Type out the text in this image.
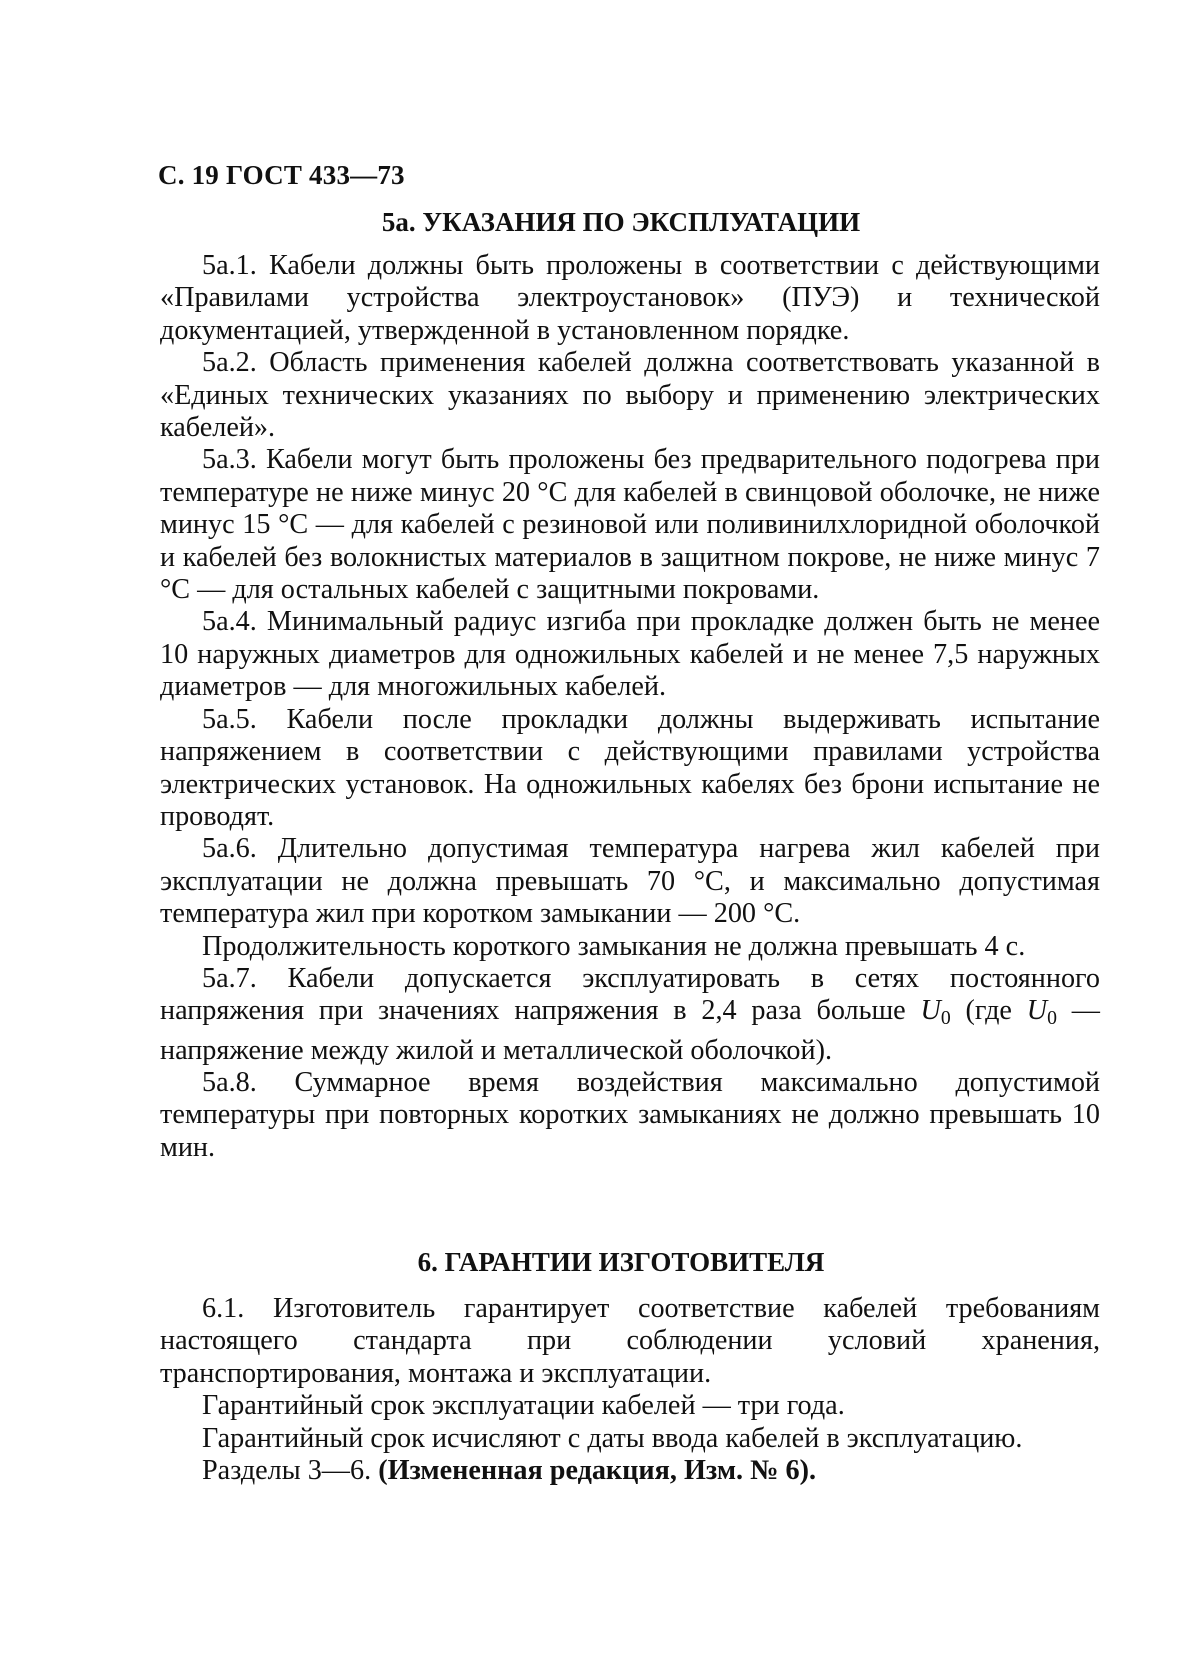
С. 19 ГОСТ 433—73
5а. УКАЗАНИЯ ПО ЭКСПЛУАТАЦИИ

5а.1. Кабели должны быть проложены в соответствии с действующими «Правилами устройства электроустановок» (ПУЭ) и технической документацией, утвержденной в установленном порядке.

5а.2. Область применения кабелей должна соответствовать указанной в «Единых технических указаниях по выбору и применению электрических кабелей».

5а.3. Кабели могут быть проложены без предварительного подогрева при температуре не ниже минус 20 °С для кабелей в свинцовой оболочке, не ниже минус 15 °С — для кабелей с резиновой или поливинилхлоридной оболочкой и кабелей без волокнистых материалов в защитном покрове, не ниже минус 7 °С — для остальных кабелей с защитными покровами.

5а.4. Минимальный радиус изгиба при прокладке должен быть не менее 10 наружных диаметров для одножильных кабелей и не менее 7,5 наружных диаметров — для многожильных кабелей.

5а.5. Кабели после прокладки должны выдерживать испытание напряжением в соответствии с действующими правилами устройства электрических установок. На одножильных кабелях без брони испытание не проводят.

5а.6. Длительно допустимая температура нагрева жил кабелей при эксплуатации не должна превышать 70 °С, и максимально допустимая температура жил при коротком замыкании — 200 °С.

Продолжительность короткого замыкания не должна превышать 4 с.

5а.7. Кабели допускается эксплуатировать в сетях постоянного напряжения при значениях напряжения в 2,4 раза больше $U_0$ (где $U_0$ — напряжение между жилой и металлической оболочкой).

5а.8. Суммарное время воздействия максимально допустимой температуры при повторных коротких замыканиях не должно превышать 10 мин.

6. ГАРАНТИИ ИЗГОТОВИТЕЛЯ

6.1. Изготовитель гарантирует соответствие кабелей требованиям настоящего стандарта при соблюдении условий хранения, транспортирования, монтажа и эксплуатации.

Гарантийный срок эксплуатации кабелей — три года.

Гарантийный срок исчисляют с даты ввода кабелей в эксплуатацию.

Разделы 3—6. (Измененная редакция, Изм. № 6).
